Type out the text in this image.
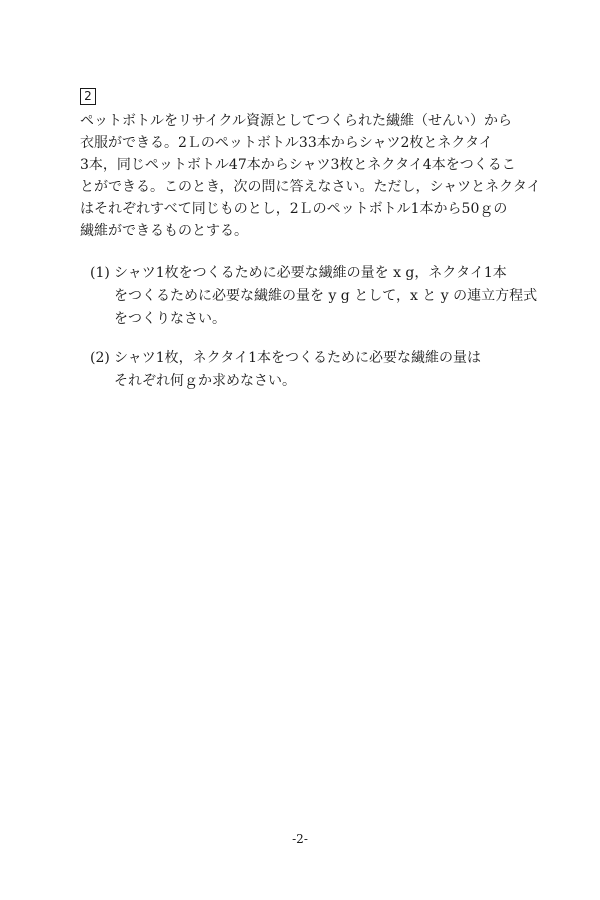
2

ペットボトルをリサイクル資源としてつくられた繊維（せんい）から
衣服ができる。2Ｌのペットボトル33本からシャツ2枚とネクタイ
3本，同じペットボトル47本からシャツ3枚とネクタイ4本をつくるこ
とができる。このとき，次の問に答えなさい。ただし，シャツとネクタイ
はそれぞれすべて同じものとし，2Ｌのペットボトル1本から50ｇの
繊維ができるものとする。

(1) シャツ1枚をつくるために必要な繊維の量を x g，ネクタイ1本
をつくるために必要な繊維の量を y g として，x と y の連立方程式
をつくりなさい。

(2) シャツ1枚，ネクタイ1本をつくるために必要な繊維の量は
それぞれ何ｇか求めなさい。

-2-
